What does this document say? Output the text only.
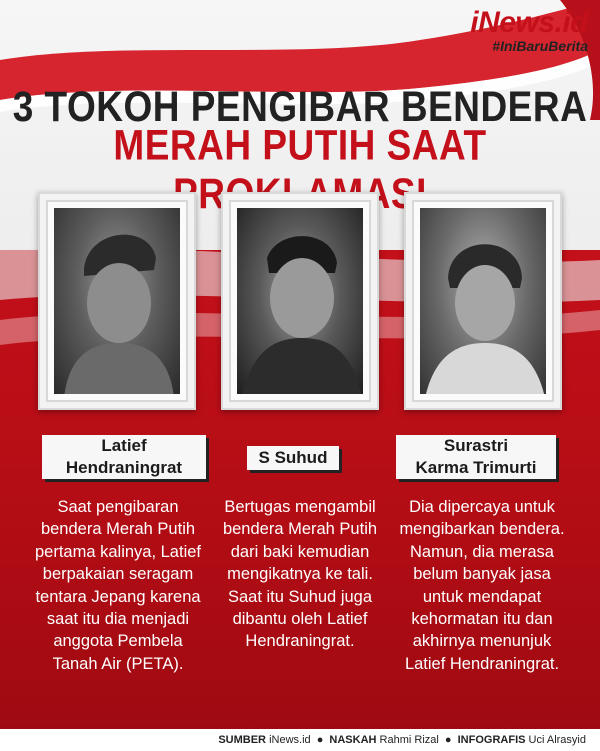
iNews.id
#IniBaruBerita
3 TOKOH PENGIBAR BENDERA
MERAH PUTIH SAAT
Latief
Hendraningrat
S Suhud
Surastri
Karma Trimurti
Saat pengibaran bendera Merah Putih pertama kalinya, Latief berpakaian seragam tentara Jepang karena saat itu dia menjadi anggota Pembela Tanah Air (PETA).
Bertugas mengambil bendera Merah Putih dari baki kemudian mengikatnya ke tali. Saat itu Suhud juga dibantu oleh Latief Hendraningrat.
Dia dipercaya untuk mengibarkan bendera. Namun, dia merasa belum banyak jasa untuk mendapat kehormatan itu dan akhirnya menunjuk Latief Hendraningrat.
SUMBER iNews.id ● NASKAH Rahmi Rizal ● INFOGRAFIS Uci Alrasyid
